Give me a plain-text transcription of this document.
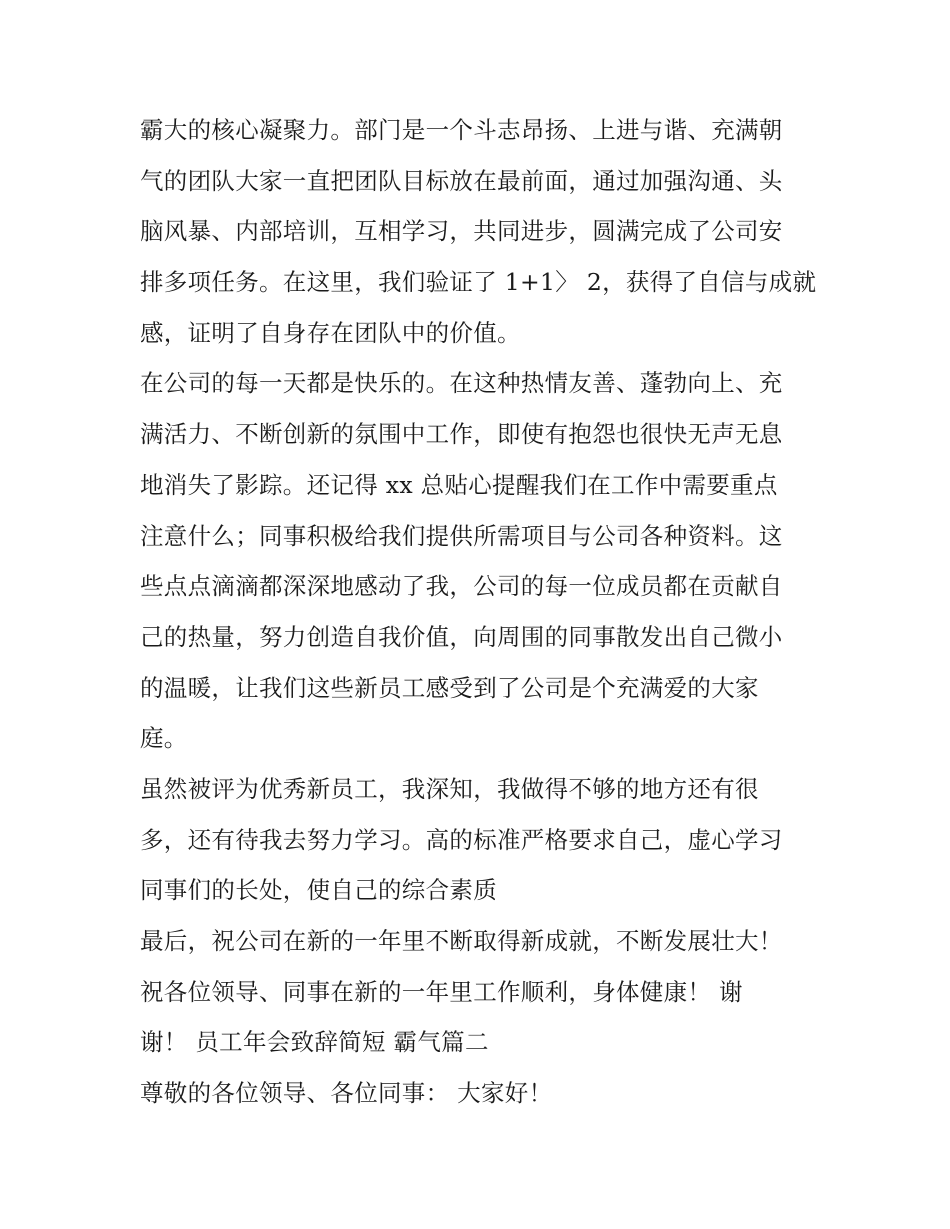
霸大的核心凝聚力。部门是一个斗志昂扬、上进与谐、充满朝
气的团队大家一直把团队目标放在最前面，通过加强沟通、头
脑风暴、内部培训，互相学习，共同进步，圆满完成了公司安
排多项任务。在这里，我们验证了 1+1〉 2，获得了自信与成就
感，证明了自身存在团队中的价值。
在公司的每一天都是快乐的。在这种热情友善、蓬勃向上、充
满活力、不断创新的氛围中工作，即使有抱怨也很快无声无息
地消失了影踪。还记得 xx 总贴心提醒我们在工作中需要重点
注意什么；同事积极给我们提供所需项目与公司各种资料。这
些点点滴滴都深深地感动了我，公司的每一位成员都在贡献自
己的热量，努力创造自我价值，向周围的同事散发出自己微小
的温暖，让我们这些新员工感受到了公司是个充满爱的大家
庭。
虽然被评为优秀新员工，我深知，我做得不够的地方还有很
多，还有待我去努力学习。高的标准严格要求自己，虚心学习
同事们的长处，使自己的综合素质
最后，祝公司在新的一年里不断取得新成就，不断发展壮大！
祝各位领导、同事在新的一年里工作顺利，身体健康！ 谢
谢！ 员工年会致辞简短 霸气篇二
尊敬的各位领导、各位同事： 大家好！
